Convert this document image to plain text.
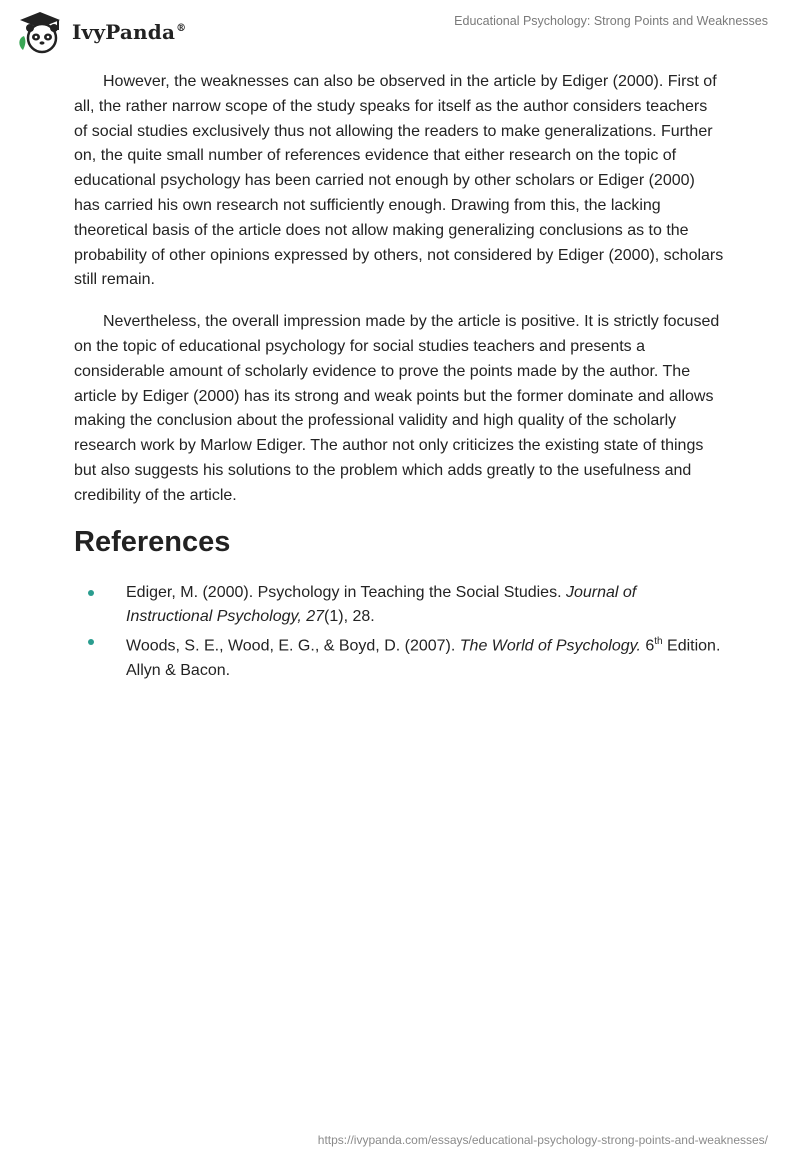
IvyPanda®
Educational Psychology: Strong Points and Weaknesses

However, the weaknesses can also be observed in the article by Ediger (2000). First of all, the rather narrow scope of the study speaks for itself as the author considers teachers of social studies exclusively thus not allowing the readers to make generalizations. Further on, the quite small number of references evidence that either research on the topic of educational psychology has been carried not enough by other scholars or Ediger (2000) has carried his own research not sufficiently enough. Drawing from this, the lacking theoretical basis of the article does not allow making generalizing conclusions as to the probability of other opinions expressed by others, not considered by Ediger (2000), scholars still remain.

Nevertheless, the overall impression made by the article is positive. It is strictly focused on the topic of educational psychology for social studies teachers and presents a considerable amount of scholarly evidence to prove the points made by the author. The article by Ediger (2000) has its strong and weak points but the former dominate and allows making the conclusion about the professional validity and high quality of the scholarly research work by Marlow Ediger. The author not only criticizes the existing state of things but also suggests his solutions to the problem which adds greatly to the usefulness and credibility of the article.

References
Ediger, M. (2000). Psychology in Teaching the Social Studies. Journal of Instructional Psychology, 27(1), 28.
Woods, S. E., Wood, E. G., & Boyd, D. (2007). The World of Psychology. 6th Edition. Allyn & Bacon.
https://ivypanda.com/essays/educational-psychology-strong-points-and-weaknesses/
